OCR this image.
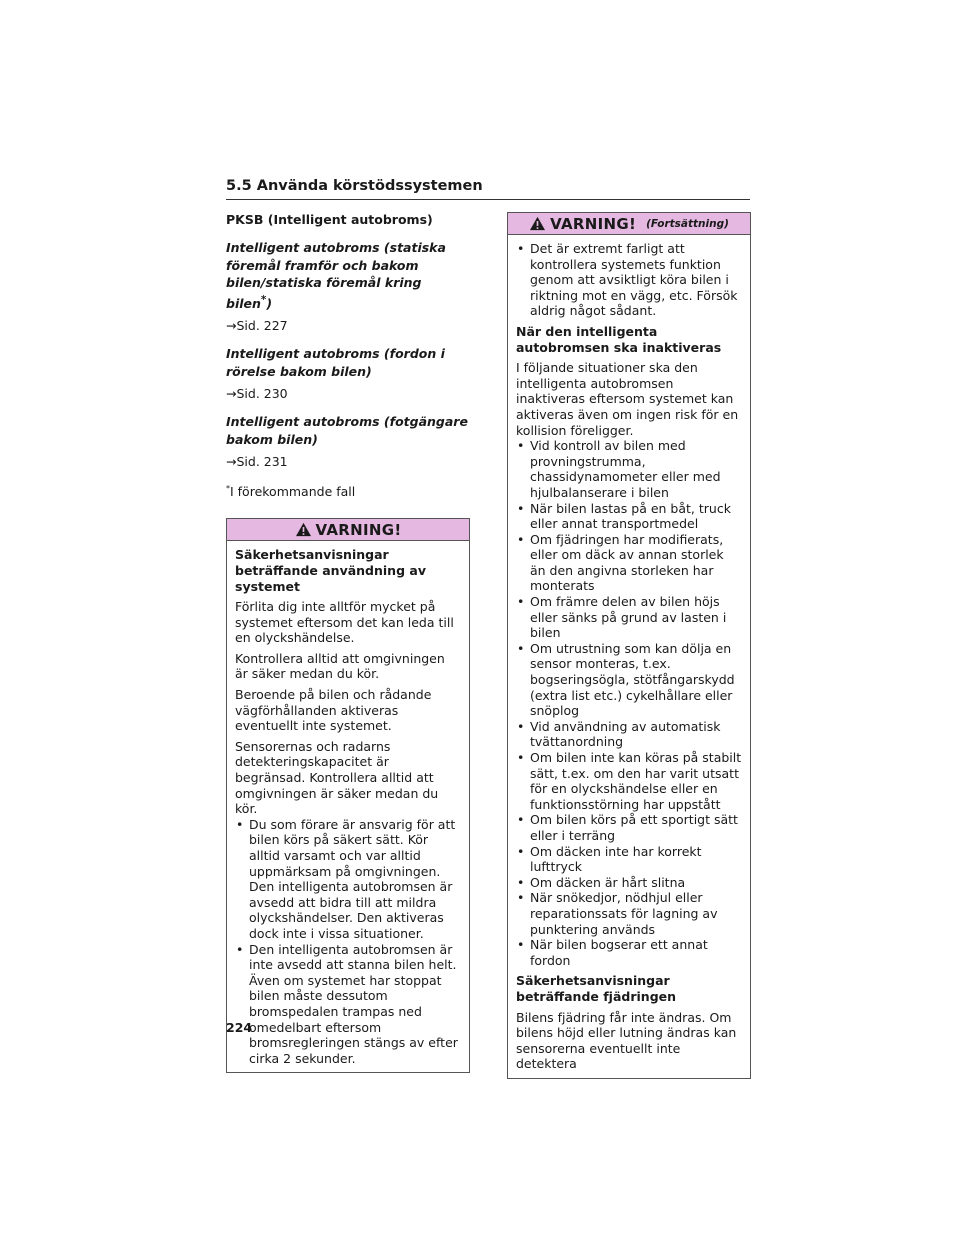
5.5 Använda körstödssystemen
PKSB (Intelligent autobroms)
Intelligent autobroms (statiska föremål framför och bakom bilen/statiska föremål kring bilen*)
→Sid. 227
Intelligent autobroms (fordon i rörelse bakom bilen)
→Sid. 230
Intelligent autobroms (fotgängare bakom bilen)
→Sid. 231
*I förekommande fall
VARNING!

Säkerhetsanvisningar beträffande användning av systemet

Förlita dig inte alltför mycket på systemet eftersom det kan leda till en olyckshändelse.

Kontrollera alltid att omgivningen är säker medan du kör.

Beroende på bilen och rådande vägförhållanden aktiveras eventuellt inte systemet.

Sensorernas och radarns detekteringskapacitet är begränsad. Kontrollera alltid att omgivningen är säker medan du kör.

• Du som förare är ansvarig för att bilen körs på säkert sätt. Kör alltid varsamt och var alltid uppmärksam på omgivningen. Den intelligenta autobromsen är avsedd att bidra till att mildra olyckshändelser. Den aktiveras dock inte i vissa situationer.
• Den intelligenta autobromsen är inte avsedd att stanna bilen helt. Även om systemet har stoppat bilen måste dessutom bromspedalen trampas ned omedelbart eftersom bromsregleringen stängs av efter cirka 2 sekunder.
VARNING! (Fortsättning)
• Det är extremt farligt att kontrollera systemets funktion genom att avsiktligt köra bilen i riktning mot en vägg, etc. Försök aldrig något sådant.

När den intelligenta autobromsen ska inaktiveras

I följande situationer ska den intelligenta autobromsen inaktiveras eftersom systemet kan aktiveras även om ingen risk för en kollision föreligger.

• Vid kontroll av bilen med provningstrumma, chassidynamometer eller med hjulbalanserare i bilen
• När bilen lastas på en båt, truck eller annat transportmedel
• Om fjädringen har modifierats, eller om däck av annan storlek än den angivna storleken har monterats
• Om främre delen av bilen höjs eller sänks på grund av lasten i bilen
• Om utrustning som kan dölja en sensor monteras, t.ex. bogseringsögla, stötfångarskydd (extra list etc.) cykelhållare eller snöplog
• Vid användning av automatisk tvättanordning
• Om bilen inte kan köras på stabilt sätt, t.ex. om den har varit utsatt för en olyckshändelse eller en funktionsstörning har uppstått
• Om bilen körs på ett sportigt sätt eller i terräng
• Om däcken inte har korrekt lufttryck
• Om däcken är hårt slitna
• När snökedjor, nödhjul eller reparationssats för lagning av punktering används
• När bilen bogserar ett annat fordon

Säkerhetsanvisningar beträffande fjädringen

Bilens fjädring får inte ändras. Om bilens höjd eller lutning ändras kan sensorerna eventuellt inte detektera

224
